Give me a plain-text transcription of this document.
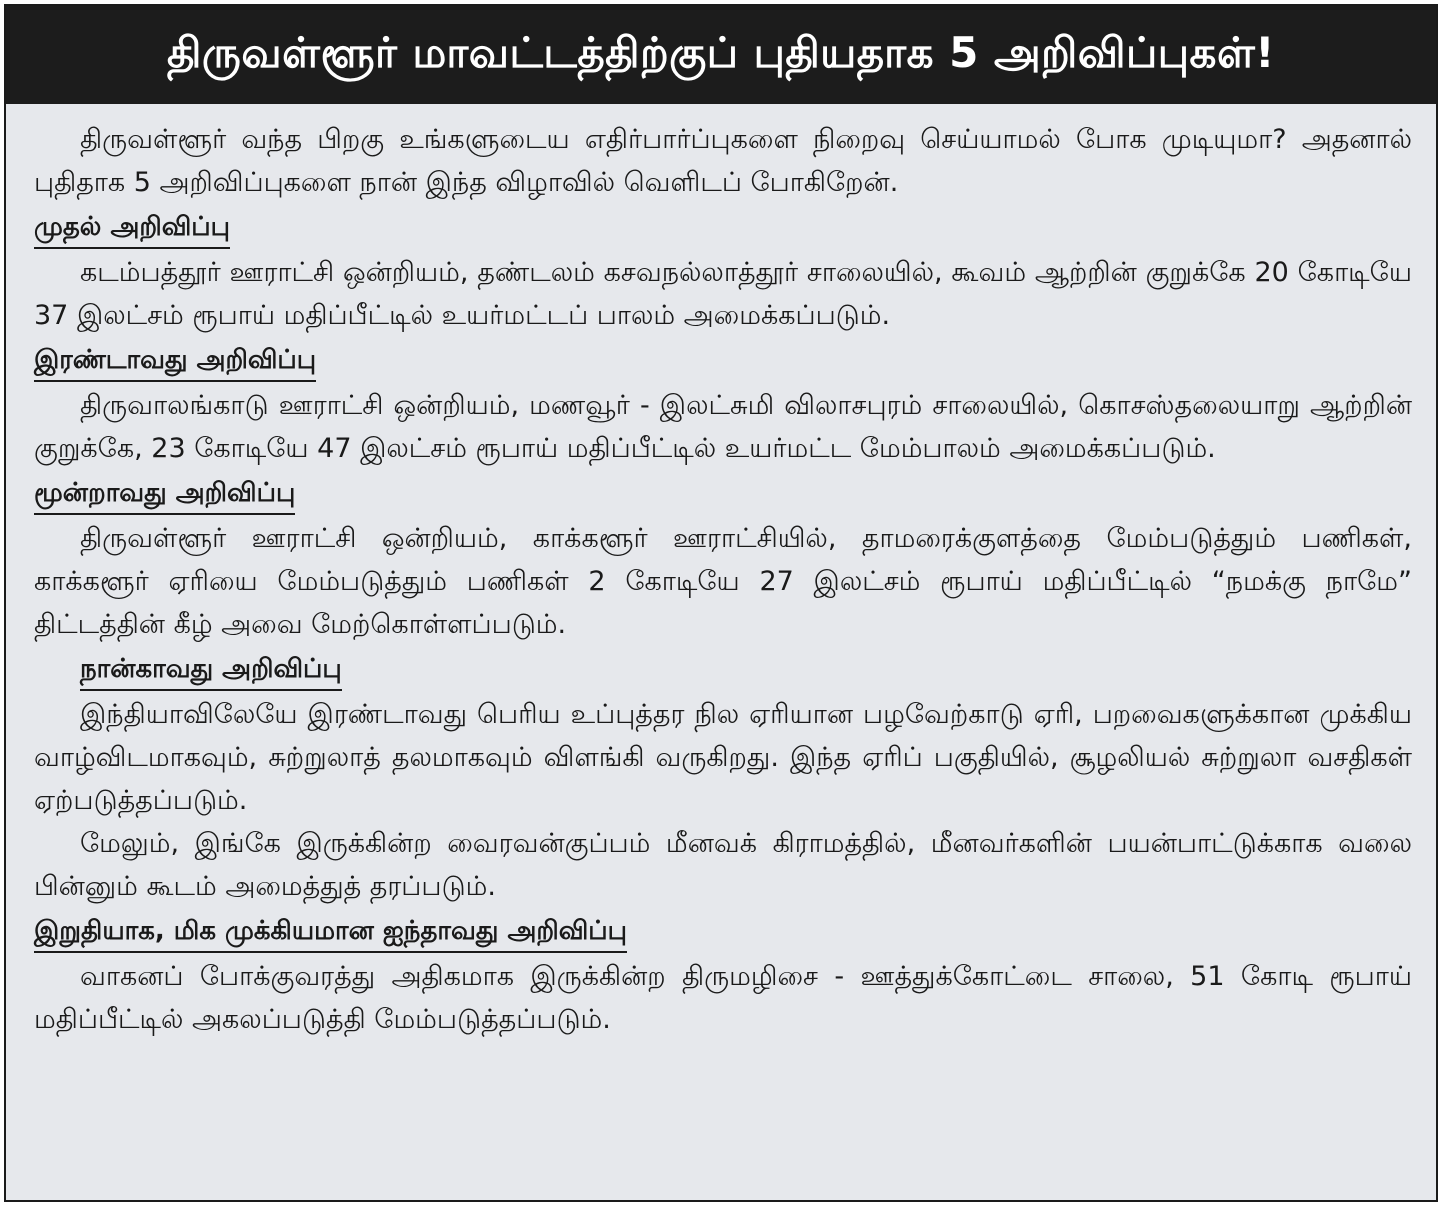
திருவள்ளூர் மாவட்டத்திற்குப் புதியதாக 5 அறிவிப்புகள்!

திருவள்ளூர் வந்த பிறகு உங்களுடைய எதிர்பார்ப்புகளை நிறைவு செய்யாமல் போக முடியுமா? அதனால் புதிதாக 5 அறிவிப்புகளை நான் இந்த விழாவில் வெளிடப் போகிறேன்.

முதல் அறிவிப்பு

கடம்பத்தூர் ஊராட்சி ஒன்றியம், தண்டலம் கசவநல்லாத்தூர் சாலையில், கூவம் ஆற்றின் குறுக்கே 20 கோடியே 37 இலட்சம் ரூபாய் மதிப்பீட்டில் உயர்மட்டப் பாலம் அமைக்கப்படும்.

இரண்டாவது அறிவிப்பு

திருவாலங்காடு ஊராட்சி ஒன்றியம், மணவூர் - இலட்சுமி விலாசபுரம் சாலையில், கொசஸ்தலையாறு ஆற்றின் குறுக்கே, 23 கோடியே 47 இலட்சம் ரூபாய் மதிப்பீட்டில் உயர்மட்ட மேம்பாலம் அமைக்கப்படும்.

மூன்றாவது அறிவிப்பு

திருவள்ளூர் ஊராட்சி ஒன்றியம், காக்களூர் ஊராட்சியில், தாமரைக்குளத்தை மேம்படுத்தும் பணிகள், காக்களூர் ஏரியை மேம்படுத்தும் பணிகள் 2 கோடியே 27 இலட்சம் ரூபாய் மதிப்பீட்டில் “நமக்கு நாமே” திட்டத்தின் கீழ் அவை மேற்கொள்ளப்படும்.

நான்காவது அறிவிப்பு

இந்தியாவிலேயே இரண்டாவது பெரிய உப்புத்தர நில ஏரியான பழவேற்காடு ஏரி, பறவைகளுக்கான முக்கிய வாழ்விடமாகவும், சுற்றுலாத் தலமாகவும் விளங்கி வருகிறது. இந்த ஏரிப் பகுதியில், சூழலியல் சுற்றுலா வசதிகள் ஏற்படுத்தப்படும்.

மேலும், இங்கே இருக்கின்ற வைரவன்குப்பம் மீனவக் கிராமத்தில், மீனவர்களின் பயன்பாட்டுக்காக வலை பின்னும் கூடம் அமைத்துத் தரப்படும்.

இறுதியாக, மிக முக்கியமான ஐந்தாவது அறிவிப்பு

வாகனப் போக்குவரத்து அதிகமாக இருக்கின்ற திருமழிசை - ஊத்துக்கோட்டை சாலை, 51 கோடி ரூபாய் மதிப்பீட்டில் அகலப்படுத்தி மேம்படுத்தப்படும்.
